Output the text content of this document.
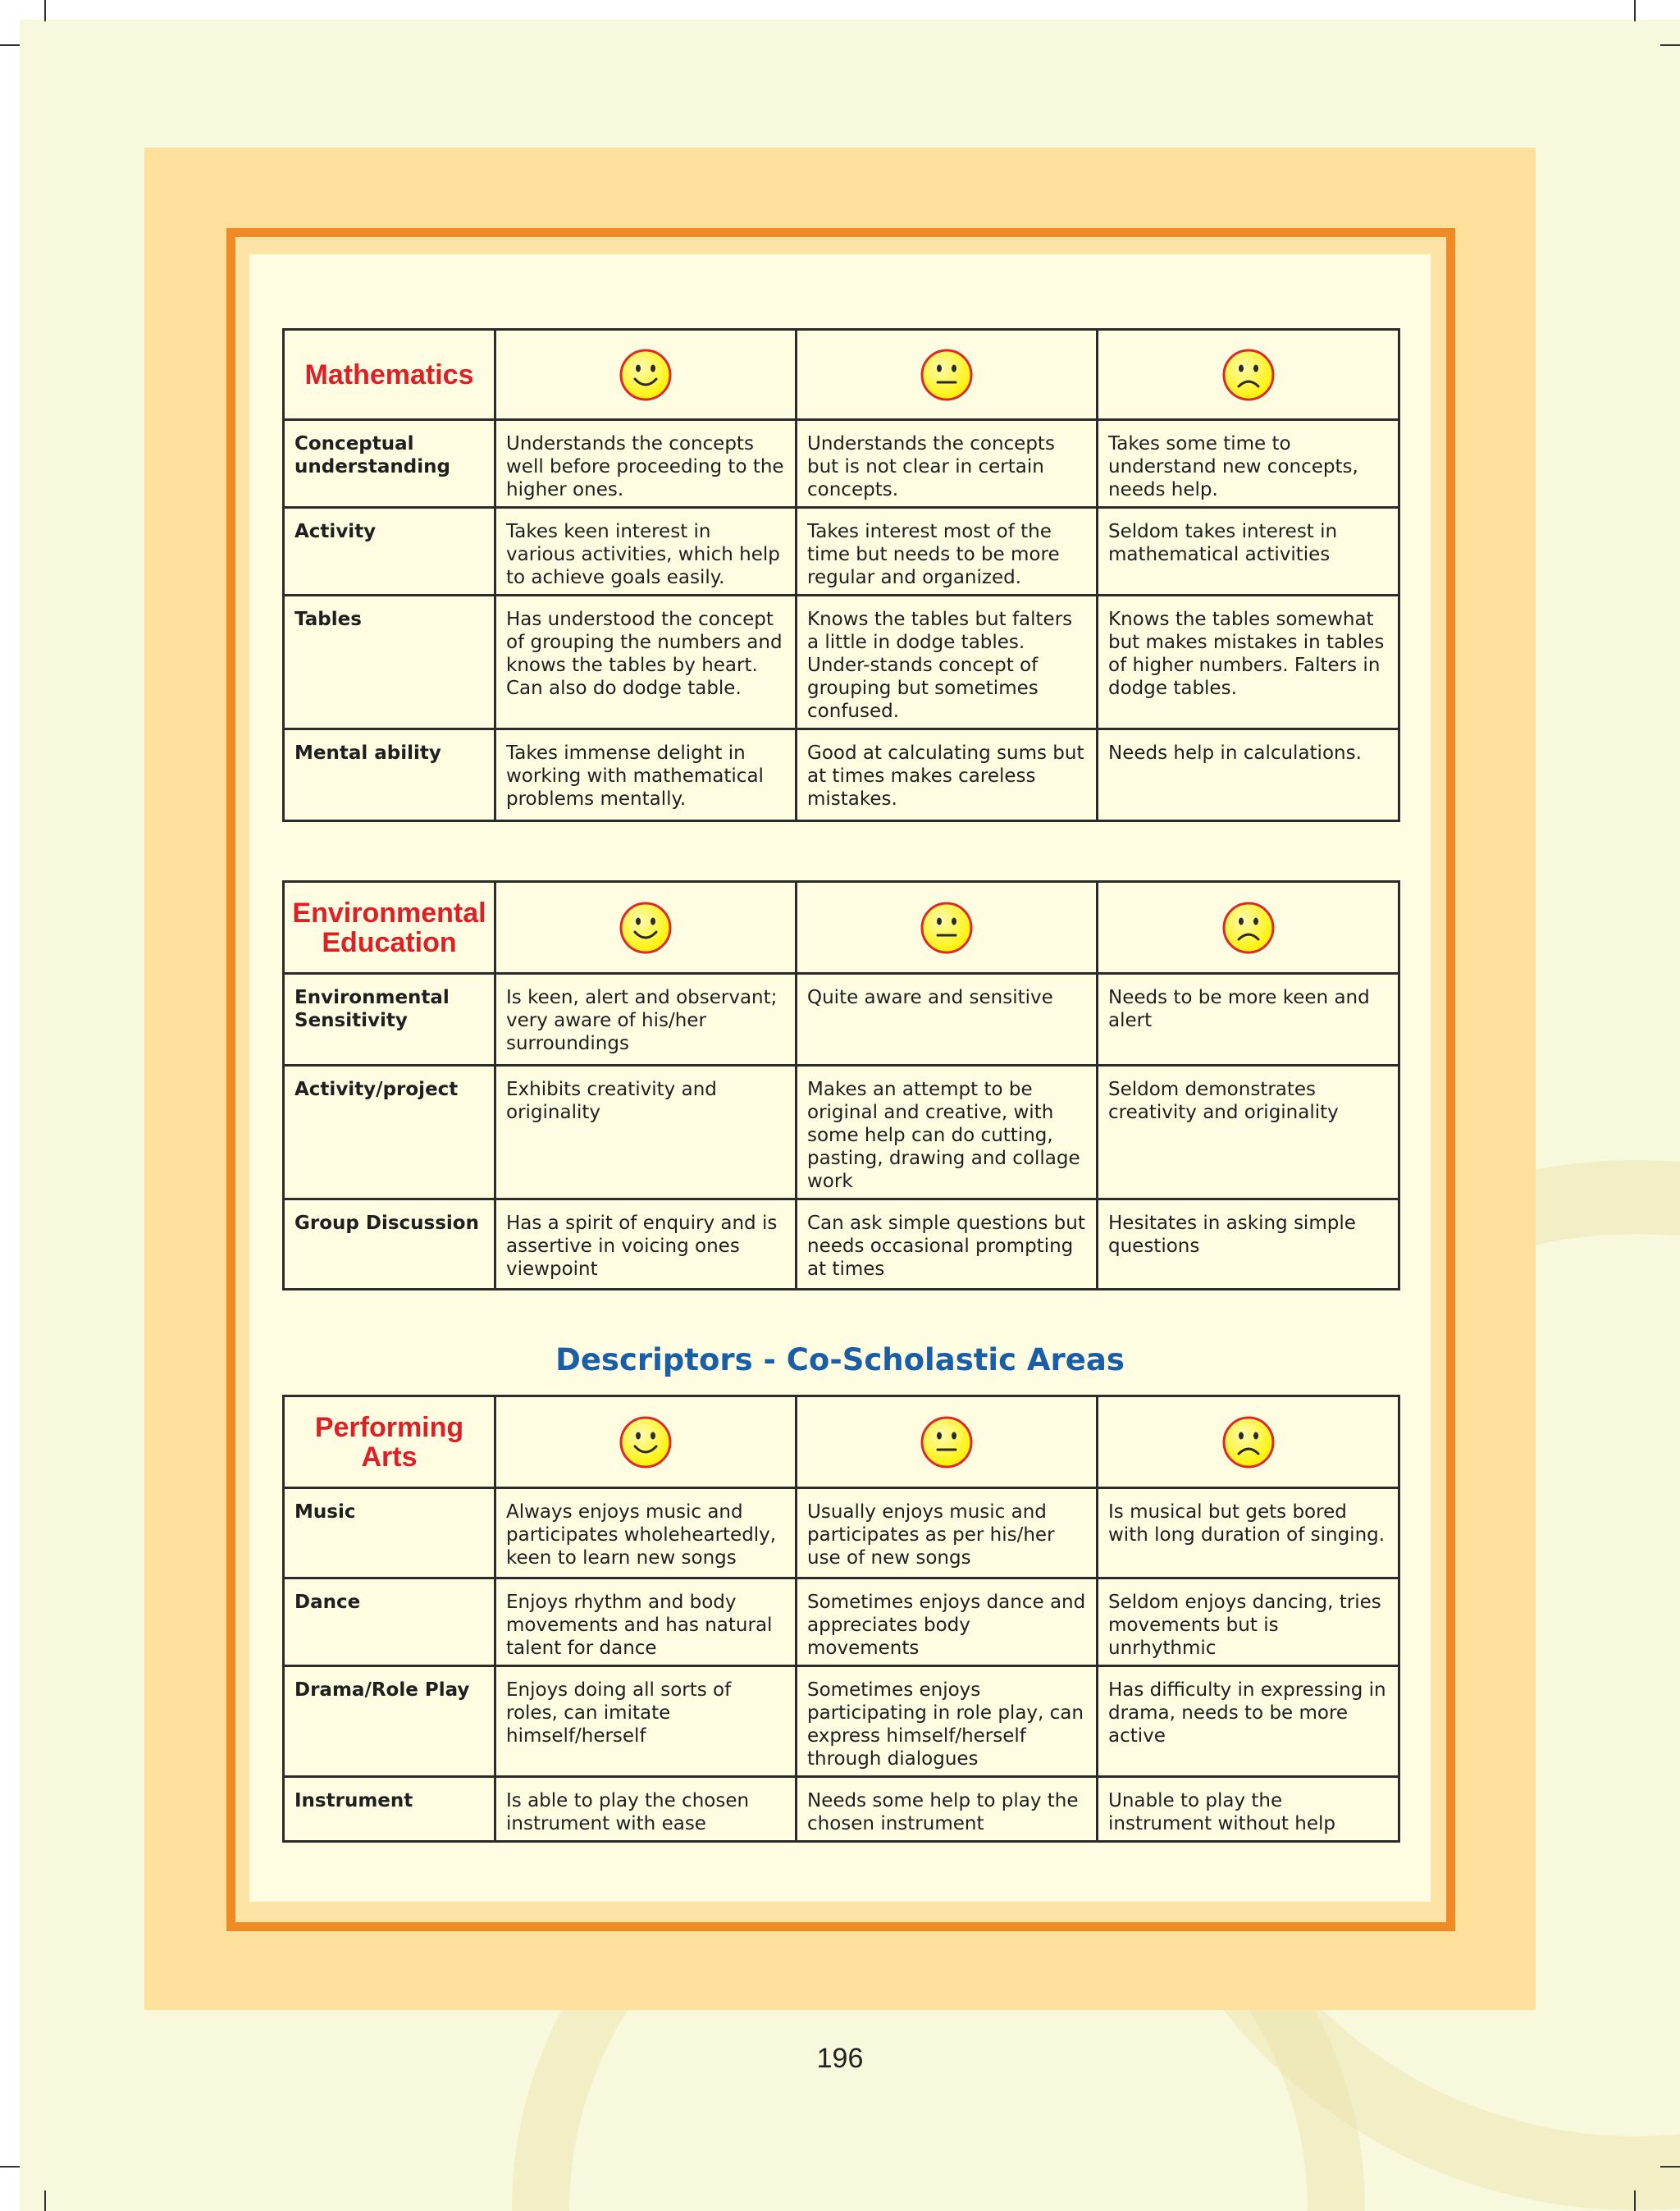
Mathematics			
Conceptual understanding	Understands the concepts well before proceeding to the higher ones.	Understands the concepts but is not clear in certain concepts.	Takes some time to understand new concepts, needs help.
Activity	Takes keen interest in various activities, which help to achieve goals easily.	Takes interest most of the time but needs to be more regular and organized.	Seldom takes interest in mathematical activities
Tables	Has understood the concept of grouping the numbers and knows the tables by heart. Can also do dodge table.	Knows the tables but falters a little in dodge tables. Under-stands concept of grouping but sometimes confused.	Knows the tables somewhat but makes mistakes in tables of higher numbers. Falters in dodge tables.
Mental ability	Takes immense delight in working with mathematical problems mentally.	Good at calculating sums but at times makes careless mistakes.	Needs help in calculations.
Environmental Education			
Environmental Sensitivity	Is keen, alert and observant; very aware of his/her surroundings	Quite aware and sensitive	Needs to be more keen and alert
Activity/project	Exhibits creativity and originality	Makes an attempt to be original and creative, with some help can do cutting, pasting, drawing and collage work	Seldom demonstrates creativity and originality
Group Discussion	Has a spirit of enquiry and is assertive in voicing ones viewpoint	Can ask simple questions but needs occasional prompting at times	Hesitates in asking simple questions
Descriptors - Co-Scholastic Areas
Performing Arts			
Music	Always enjoys music and participates wholeheartedly, keen to learn new songs	Usually enjoys music and participates as per his/her use of new songs	Is musical but gets bored with long duration of singing.
Dance	Enjoys rhythm and body movements and has natural talent for dance	Sometimes enjoys dance and appreciates body movements	Seldom enjoys dancing, tries movements but is unrhythmic
Drama/Role Play	Enjoys doing all sorts of roles, can imitate himself/herself	Sometimes enjoys participating in role play, can express himself/herself through dialogues	Has difficulty in expressing in drama, needs to be more active
Instrument	Is able to play the chosen instrument with ease	Needs some help to play the chosen instrument	Unable to play the instrument without help
196
